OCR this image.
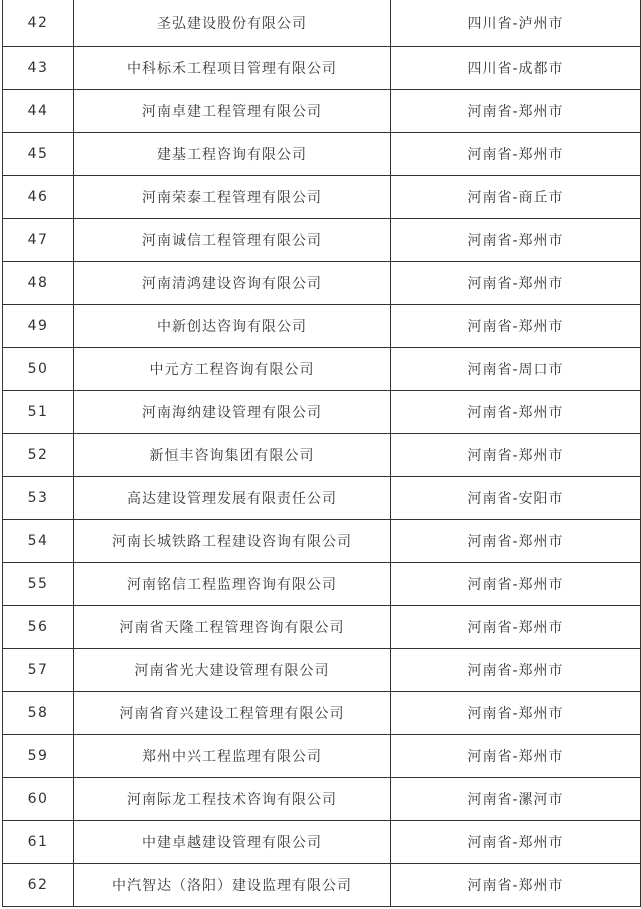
42	圣弘建设股份有限公司	四川省-泸州市
43	中科标禾工程项目管理有限公司	四川省-成都市
44	河南卓建工程管理有限公司	河南省-郑州市
45	建基工程咨询有限公司	河南省-郑州市
46	河南荣泰工程管理有限公司	河南省-商丘市
47	河南诚信工程管理有限公司	河南省-郑州市
48	河南清鸿建设咨询有限公司	河南省-郑州市
49	中新创达咨询有限公司	河南省-郑州市
50	中元方工程咨询有限公司	河南省-周口市
51	河南海纳建设管理有限公司	河南省-郑州市
52	新恒丰咨询集团有限公司	河南省-郑州市
53	高达建设管理发展有限责任公司	河南省-安阳市
54	河南长城铁路工程建设咨询有限公司	河南省-郑州市
55	河南铭信工程监理咨询有限公司	河南省-郑州市
56	河南省天隆工程管理咨询有限公司	河南省-郑州市
57	河南省光大建设管理有限公司	河南省-郑州市
58	河南省育兴建设工程管理有限公司	河南省-郑州市
59	郑州中兴工程监理有限公司	河南省-郑州市
60	河南际龙工程技术咨询有限公司	河南省-漯河市
61	中建卓越建设管理有限公司	河南省-郑州市
62	中汽智达（洛阳）建设监理有限公司	河南省-郑州市
